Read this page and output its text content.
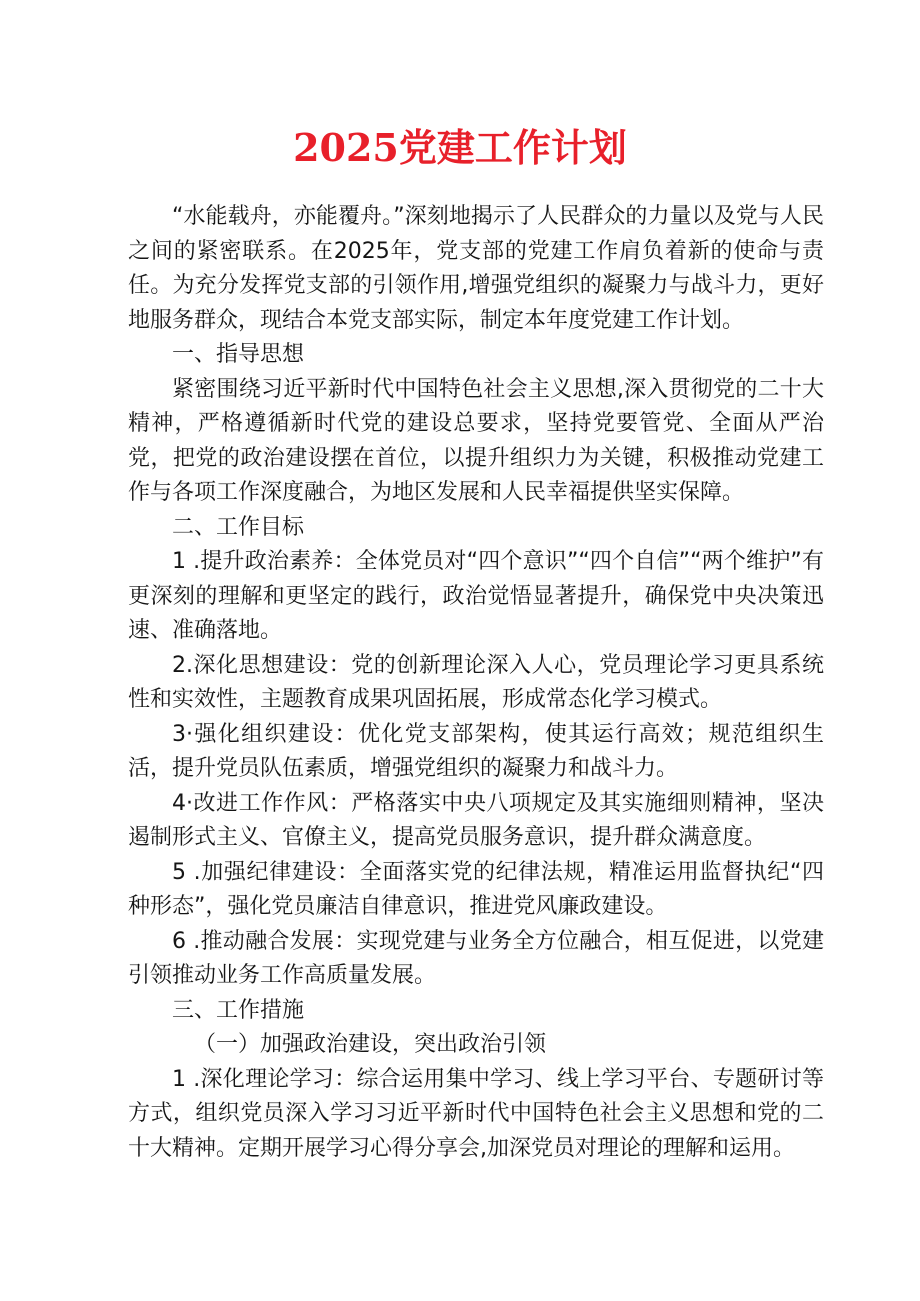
2025党建工作计划

“水能载舟，亦能覆舟。”深刻地揭示了人民群众的力量以及党与人民之间的紧密联系。在2025年，党支部的党建工作肩负着新的使命与责任。为充分发挥党支部的引领作用,增强党组织的凝聚力与战斗力，更好地服务群众，现结合本党支部实际，制定本年度党建工作计划。

一、指导思想

紧密围绕习近平新时代中国特色社会主义思想,深入贯彻党的二十大精神，严格遵循新时代党的建设总要求，坚持党要管党、全面从严治党，把党的政治建设摆在首位，以提升组织力为关键，积极推动党建工作与各项工作深度融合，为地区发展和人民幸福提供坚实保障。

二、工作目标

1 .提升政治素养：全体党员对“四个意识”“四个自信”“两个维护”有更深刻的理解和更坚定的践行，政治觉悟显著提升，确保党中央决策迅速、准确落地。

2.深化思想建设：党的创新理论深入人心，党员理论学习更具系统性和实效性，主题教育成果巩固拓展，形成常态化学习模式。

3·强化组织建设：优化党支部架构，使其运行高效；规范组织生活，提升党员队伍素质，增强党组织的凝聚力和战斗力。

4·改进工作作风：严格落实中央八项规定及其实施细则精神，坚决遏制形式主义、官僚主义，提高党员服务意识，提升群众满意度。

5 .加强纪律建设：全面落实党的纪律法规，精准运用监督执纪“四种形态”，强化党员廉洁自律意识，推进党风廉政建设。

6 .推动融合发展：实现党建与业务全方位融合，相互促进，以党建引领推动业务工作高质量发展。

三、工作措施

（一）加强政治建设，突出政治引领

1 .深化理论学习：综合运用集中学习、线上学习平台、专题研讨等方式，组织党员深入学习习近平新时代中国特色社会主义思想和党的二十大精神。定期开展学习心得分享会,加深党员对理论的理解和运用。
